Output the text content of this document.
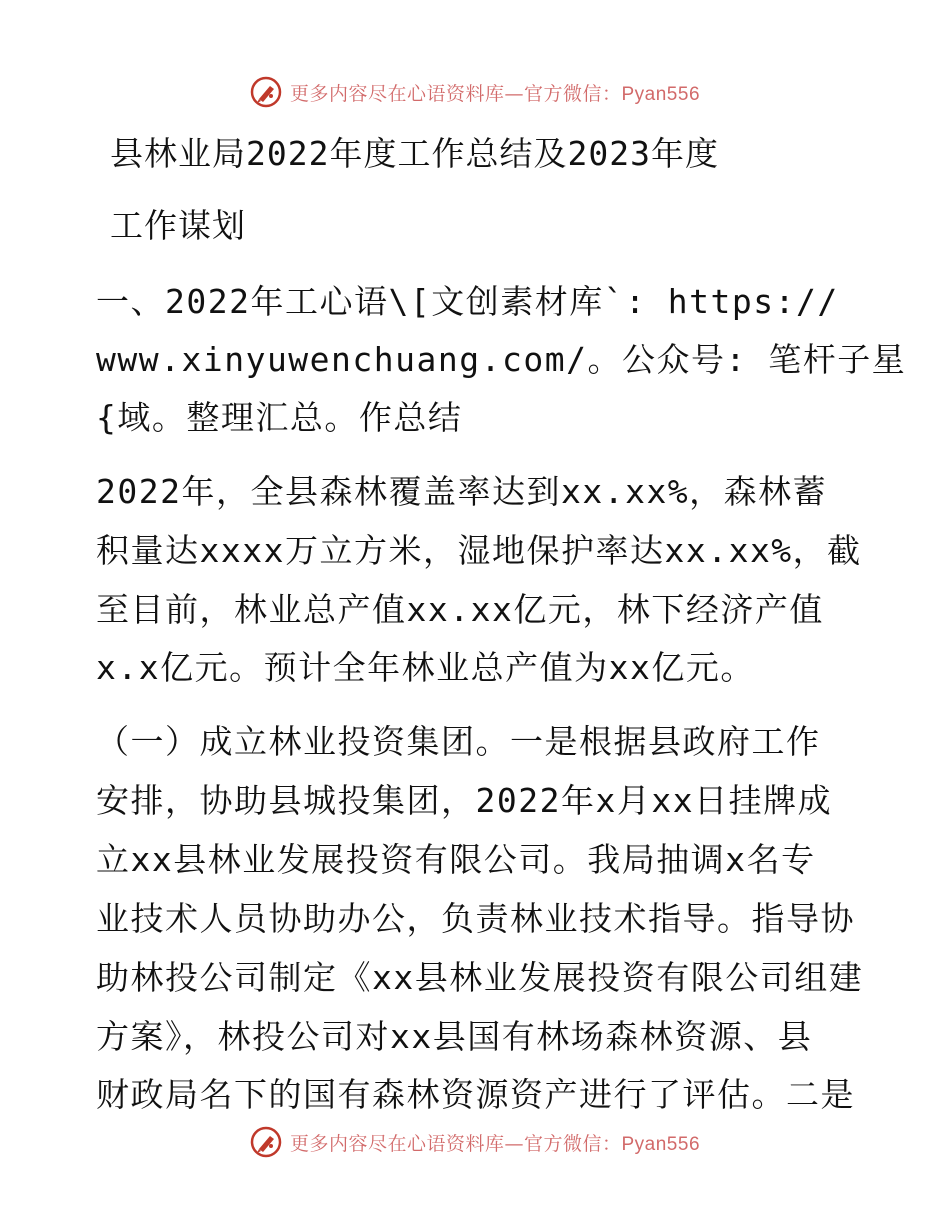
更多内容尽在心语资料库—官方微信：Pyan556
县林业局2022年度工作总结及2023年度
工作谋划
一、2022年工心语\[文创素材库`: https://
www.xinyuwenchuang.com/。公众号: 笔杆子星
{域。整理汇总。作总结
2022年，全县森林覆盖率达到xx.xx%，森林蓄
积量达xxxx万立方米，湿地保护率达xx.xx%，截
至目前，林业总产值xx.xx亿元，林下经济产值
x.x亿元。预计全年林业总产值为xx亿元。
（一）成立林业投资集团。一是根据县政府工作
安排，协助县城投集团，2022年x月xx日挂牌成
立xx县林业发展投资有限公司。我局抽调x名专
业技术人员协助办公，负责林业技术指导。指导协
助林投公司制定《xx县林业发展投资有限公司组建
方案》，林投公司对xx县国有林场森林资源、县
财政局名下的国有森林资源资产进行了评估。二是
更多内容尽在心语资料库—官方微信：Pyan556
